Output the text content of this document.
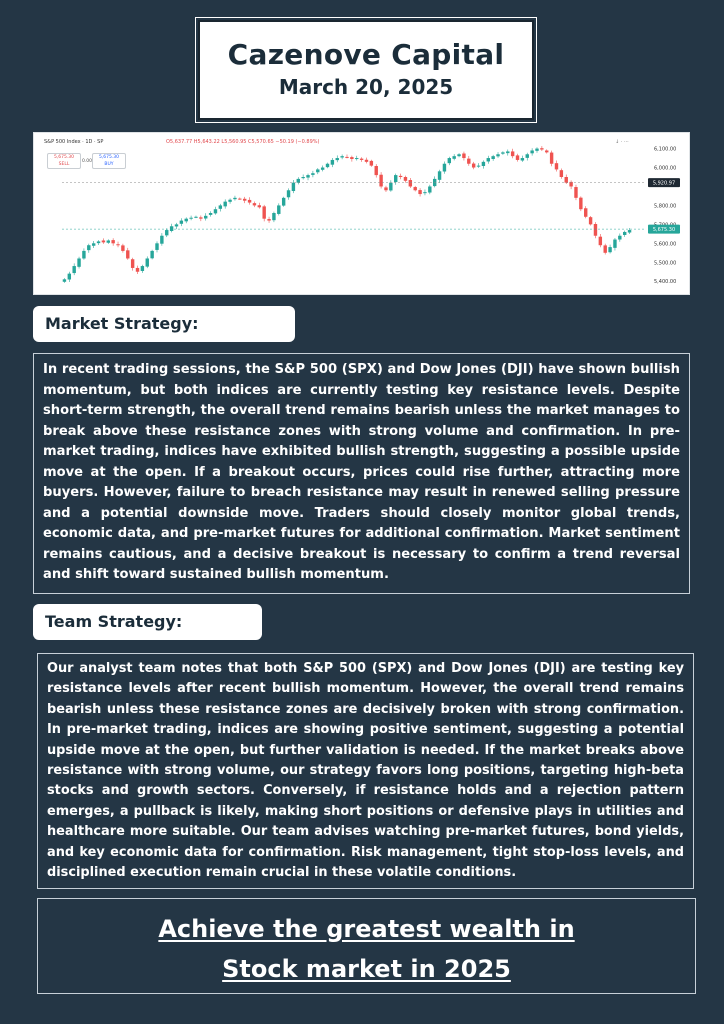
Cazenove Capital
March 20, 2025
6,100.00
6,000.00
5,800.00
5,600.00
5,500.00
5,400.00
5,920.97
5,675.30
S&P 500 Index · 1D · SP	O5,637.77 H5,643.22 L5,560.95 C5,570.65 −50.19 (−0.89%)	↓ · ⋯
5,675.30
SELL
0.00
5,675.30
BUY
Market Strategy:
In recent trading sessions, the S&P 500 (SPX) and Dow Jones (DJI) have shown bullish momentum, but both indices are currently testing key resistance levels. Despite short-term strength, the overall trend remains bearish unless the market manages to break above these resistance zones with strong volume and confirmation. In pre-market trading, indices have exhibited bullish strength, suggesting a possible upside move at the open. If a breakout occurs, prices could rise further, attracting more buyers. However, failure to breach resistance may result in renewed selling pressure and a potential downside move. Traders should closely monitor global trends, economic data, and pre-market futures for additional confirmation. Market sentiment remains cautious, and a decisive breakout is necessary to confirm a trend reversal and shift toward sustained bullish momentum.
Team Strategy:
Our analyst team notes that both S&P 500 (SPX) and Dow Jones (DJI) are testing key resistance levels after recent bullish momentum. However, the overall trend remains bearish unless these resistance zones are decisively broken with strong confirmation. In pre-market trading, indices are showing positive sentiment, suggesting a potential upside move at the open, but further validation is needed. If the market breaks above resistance with strong volume, our strategy favors long positions, targeting high-beta stocks and growth sectors. Conversely, if resistance holds and a rejection pattern emerges, a pullback is likely, making short positions or defensive plays in utilities and healthcare more suitable. Our team advises watching pre-market futures, bond yields, and key economic data for confirmation. Risk management, tight stop-loss levels, and disciplined execution remain crucial in these volatile conditions.
Achieve the greatest wealth in
Stock market in 2025
